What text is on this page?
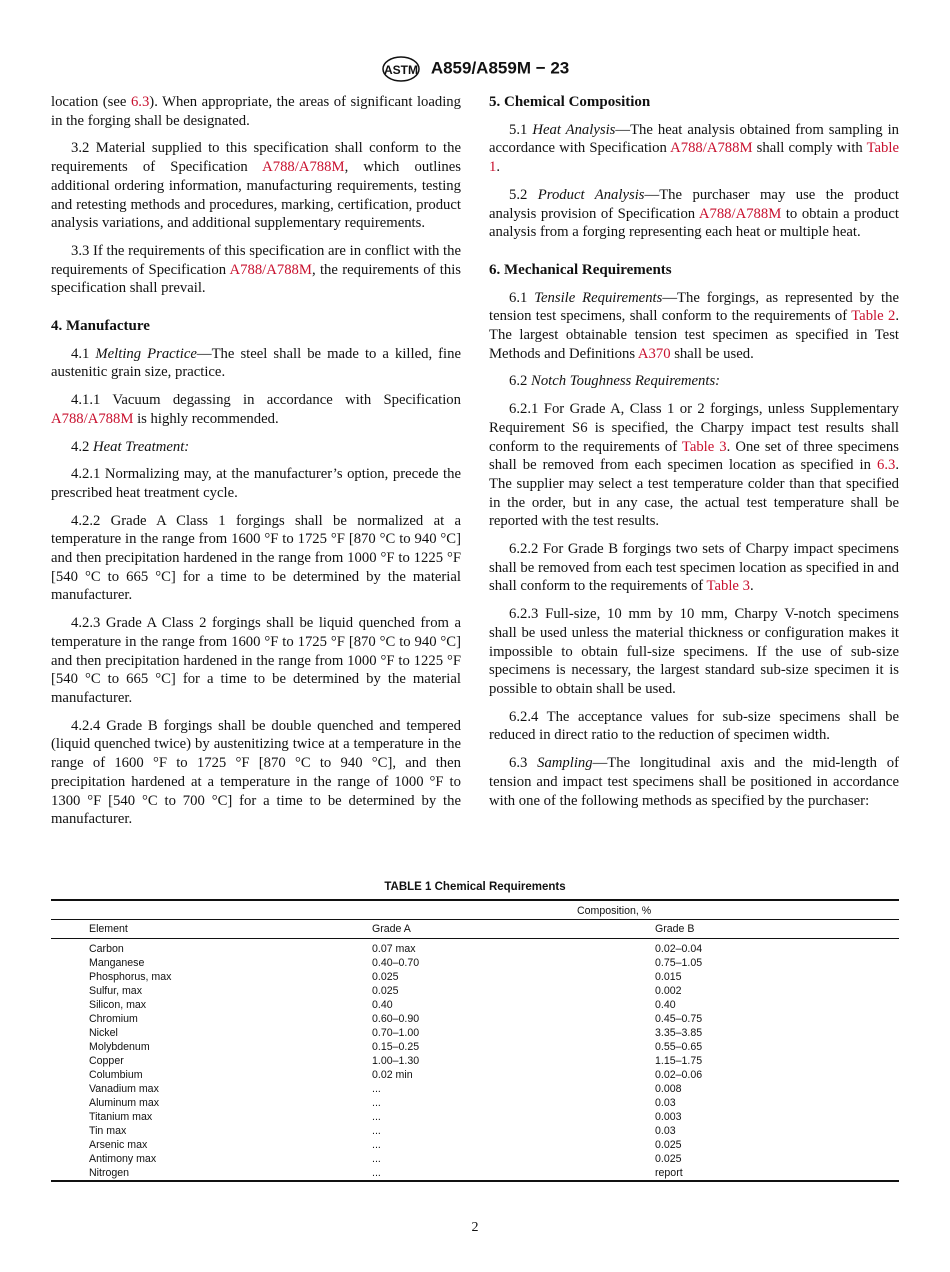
ASTM A859/A859M − 23

location (see 6.3). When appropriate, the areas of significant loading in the forging shall be designated.

3.2 Material supplied to this specification shall conform to the requirements of Specification A788/A788M, which outlines additional ordering information, manufacturing requirements, testing and retesting methods and procedures, marking, certification, product analysis variations, and additional supplementary requirements.

3.3 If the requirements of this specification are in conflict with the requirements of Specification A788/A788M, the requirements of this specification shall prevail.

4. Manufacture

4.1 Melting Practice—The steel shall be made to a killed, fine austenitic grain size, practice.

4.1.1 Vacuum degassing in accordance with Specification A788/A788M is highly recommended.

4.2 Heat Treatment:

4.2.1 Normalizing may, at the manufacturer’s option, precede the prescribed heat treatment cycle.

4.2.2 Grade A Class 1 forgings shall be normalized at a temperature in the range from 1600 °F to 1725 °F [870 °C to 940 °C] and then precipitation hardened in the range from 1000 °F to 1225 °F [540 °C to 665 °C] for a time to be determined by the material manufacturer.

4.2.3 Grade A Class 2 forgings shall be liquid quenched from a temperature in the range from 1600 °F to 1725 °F [870 °C to 940 °C] and then precipitation hardened in the range from 1000 °F to 1225 °F [540 °C to 665 °C] for a time to be determined by the material manufacturer.

4.2.4 Grade B forgings shall be double quenched and tempered (liquid quenched twice) by austenitizing twice at a temperature in the range of 1600 °F to 1725 °F [870 °C to 940 °C], and then precipitation hardened at a temperature in the range of 1000 °F to 1300 °F [540 °C to 700 °C] for a time to be determined by the manufacturer.

5. Chemical Composition

5.1 Heat Analysis—The heat analysis obtained from sampling in accordance with Specification A788/A788M shall comply with Table 1.

5.2 Product Analysis—The purchaser may use the product analysis provision of Specification A788/A788M to obtain a product analysis from a forging representing each heat or multiple heat.

6. Mechanical Requirements

6.1 Tensile Requirements—The forgings, as represented by the tension test specimens, shall conform to the requirements of Table 2. The largest obtainable tension test specimen as specified in Test Methods and Definitions A370 shall be used.

6.2 Notch Toughness Requirements:

6.2.1 For Grade A, Class 1 or 2 forgings, unless Supplementary Requirement S6 is specified, the Charpy impact test results shall conform to the requirements of Table 3. One set of three specimens shall be removed from each specimen location as specified in 6.3. The supplier may select a test temperature colder than that specified in the order, but in any case, the actual test temperature shall be reported with the test results.

6.2.2 For Grade B forgings two sets of Charpy impact specimens shall be removed from each test specimen location as specified in and shall conform to the requirements of Table 3.

6.2.3 Full-size, 10 mm by 10 mm, Charpy V-notch specimens shall be used unless the material thickness or configuration makes it impossible to obtain full-size specimens. If the use of sub-size specimens is necessary, the largest standard sub-size specimen it is possible to obtain shall be used.

6.2.4 The acceptance values for sub-size specimens shall be reduced in direct ratio to the reduction of specimen width.

6.3 Sampling—The longitudinal axis and the mid-length of tension and impact test specimens shall be positioned in accordance with one of the following methods as specified by the purchaser:

TABLE 1 Chemical Requirements

		Composition, %

Element	Grade A	Grade B
Carbon	0.07 max	0.02–0.04
Manganese	0.40–0.70	0.75–1.05
Phosphorus, max	0.025	0.015
Sulfur, max	0.025	0.002
Silicon, max	0.40	0.40
Chromium	0.60–0.90	0.45–0.75
Nickel	0.70–1.00	3.35–3.85
Molybdenum	0.15–0.25	0.55–0.65
Copper	1.00–1.30	1.15–1.75
Columbium	0.02 min	0.02–0.06
Vanadium max	...	0.008
Aluminum max	...	0.03
Titanium max	...	0.003
Tin max	...	0.03
Arsenic max	...	0.025
Antimony max	...	0.025
Nitrogen	...	report
2
